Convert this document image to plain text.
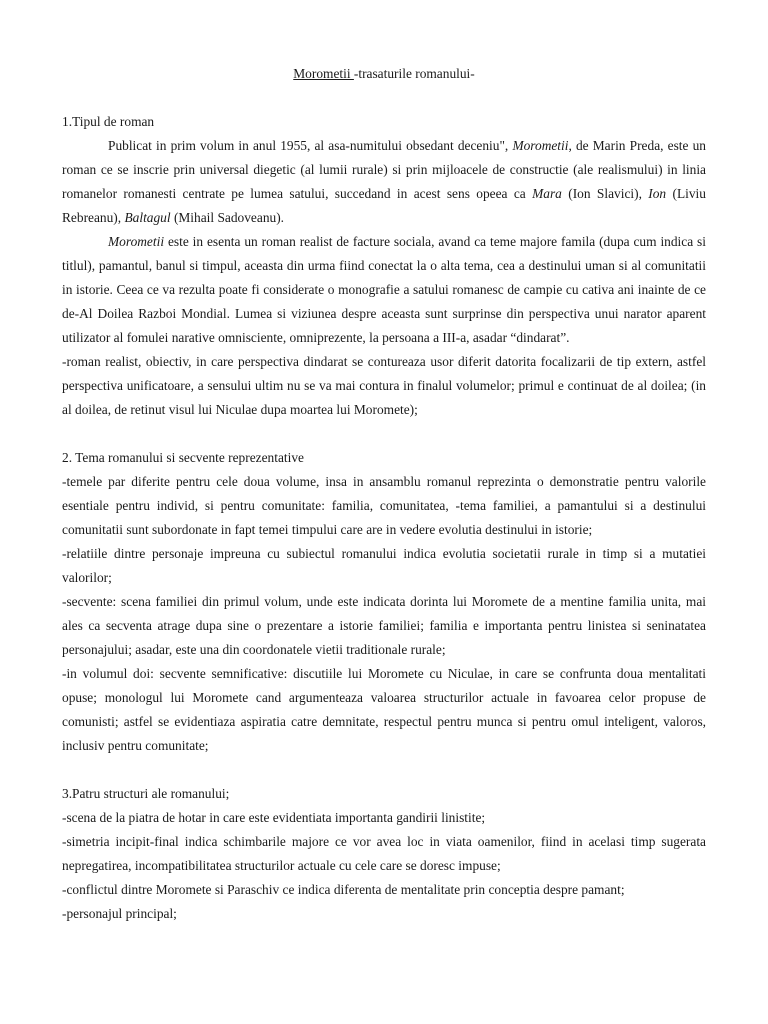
Morometii -trasaturile romanului-

1.Tipul de roman

Publicat in prim volum in anul 1955, al asa-numitului obsedant deceniu", Morometii, de Marin Preda, este un roman ce se inscrie prin universal diegetic (al lumii rurale) si prin mijloacele de constructie (ale realismului) in linia romanelor romanesti centrate pe lumea satului, succedand in acest sens opeea ca Mara (Ion Slavici), Ion (Liviu Rebreanu), Baltagul (Mihail Sadoveanu).

Morometii este in esenta un roman realist de facture sociala, avand ca teme majore famila (dupa cum indica si titlul), pamantul, banul si timpul, aceasta din urma fiind conectat la o alta tema, cea a destinului uman si al comunitatii in istorie. Ceea ce va rezulta poate fi considerate o monografie a satului romanesc de campie cu cativa ani inainte de ce de-Al Doilea Razboi Mondial. Lumea si viziunea despre aceasta sunt surprinse din perspectiva unui narator aparent utilizator al fomulei narative omnisciente, omniprezente, la persoana a III-a, asadar “dindarat”.

-roman realist, obiectiv, in care perspectiva dindarat se contureaza usor diferit datorita focalizarii de tip extern, astfel perspectiva unificatoare, a sensului ultim nu se va mai contura in finalul volumelor; primul e continuat de al doilea; (in al doilea, de retinut visul lui Niculae dupa moartea lui Moromete);

2. Tema romanului si secvente reprezentative

-temele par diferite pentru cele doua volume, insa in ansamblu romanul reprezinta o demonstratie pentru valorile esentiale pentru individ, si pentru comunitate: familia, comunitatea, -tema familiei, a pamantului si a destinului comunitatii sunt subordonate in fapt temei timpului care are in vedere evolutia destinului in istorie;

-relatiile dintre personaje impreuna cu subiectul romanului indica evolutia societatii rurale in timp si a mutatiei valorilor;

-secvente: scena familiei din primul volum, unde este indicata dorinta lui Moromete de a mentine familia unita, mai ales ca secventa atrage dupa sine o prezentare a istorie familiei; familia e importanta pentru linistea si seninatatea personajului; asadar, este una din coordonatele vietii traditionale rurale;

-in volumul doi: secvente semnificative: discutiile lui Moromete cu Niculae, in care se confrunta doua mentalitati opuse; monologul lui Moromete cand argumenteaza valoarea structurilor actuale in favoarea celor propuse de comunisti; astfel se evidentiaza aspiratia catre demnitate, respectul pentru munca si pentru omul inteligent, valoros, inclusiv pentru comunitate;

3.Patru structuri ale romanului;

-scena de la piatra de hotar in care este evidentiata importanta gandirii linistite;

-simetria incipit-final indica schimbarile majore ce vor avea loc in viata oamenilor, fiind in acelasi timp sugerata nepregatirea, incompatibilitatea structurilor actuale cu cele care se doresc impuse;

-conflictul dintre Moromete si Paraschiv ce indica diferenta de mentalitate prin conceptia despre pamant;

-personajul principal;
